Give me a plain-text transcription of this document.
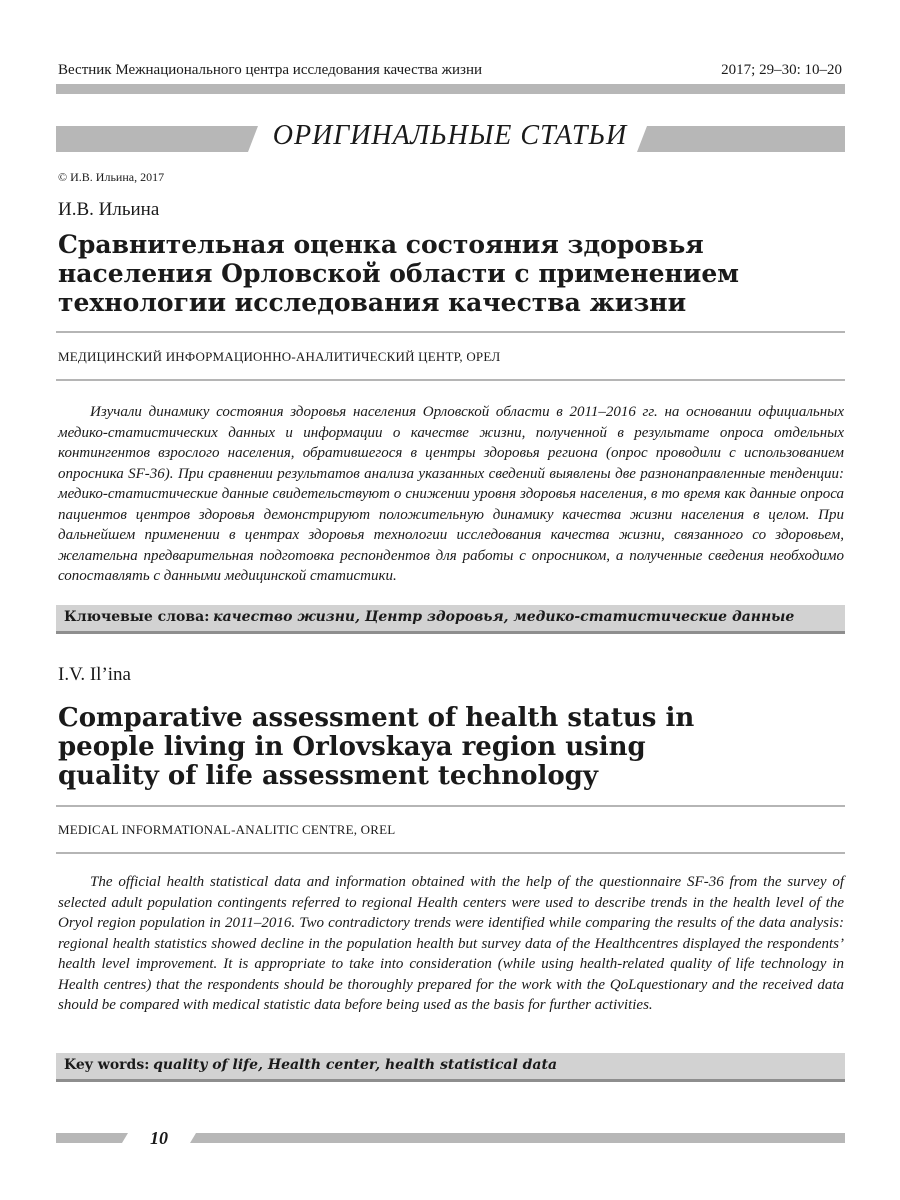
Вестник Межнационального центра исследования качества жизни	2017; 29–30: 10–20
ОРИГИНАЛЬНЫЕ СТАТЬИ
© И.В. Ильина, 2017
И.В. Ильина
Сравнительная оценка состояния здоровья населения Орловской области с применением технологии исследования качества жизни
МЕДИЦИНСКИЙ ИНФОРМАЦИОННО-АНАЛИТИЧЕСКИЙ ЦЕНТР, ОРЕЛ
Изучали динамику состояния здоровья населения Орловской области в 2011–2016 гг. на основании официальных медико-статистических данных и информации о качестве жизни, полученной в результате опроса отдельных контингентов взрослого населения, обратившегося в центры здоровья региона (опрос проводили с использованием опросника SF-36). При сравнении результатов анализа указанных сведений выявлены две разнонаправленные тенденции: медико-статистические данные свидетельствуют о снижении уровня здоровья населения, в то время как данные опроса пациентов центров здоровья демонстрируют положительную динамику качества жизни населения в целом. При дальнейшем применении в центрах здоровья технологии исследования качества жизни, связанного со здоровьем, желательна предварительная подготовка респондентов для работы с опросником, а полученные сведения необходимо сопоставлять с данными медицинской статистики.
Ключевые слова: качество жизни, Центр здоровья, медико-статистические данные
I.V. Il’ina
Comparative assessment of health status in people living in Orlovskaya region using quality of life assessment technology
MEDICAL INFORMATIONAL-ANALITIC CENTRE, OREL
The official health statistical data and information obtained with the help of the questionnaire SF-36 from the survey of selected adult population contingents referred to regional Health centers were used to describe trends in the health level of the Oryol region population in 2011–2016. Two contradictory trends were identified while comparing the results of the data analysis: regional health statistics showed decline in the population health but survey data of the Healthcentres displayed the respondents’ health level improvement. It is appropriate to take into consideration (while using health-related quality of life technology in Health centres) that the respondents should be thoroughly prepared for the work with the QoLquestionary and the received data should be compared with medical statistic data before being used as the basis for further activities.
Key words: quality of life, Health center, health statistical data
10
